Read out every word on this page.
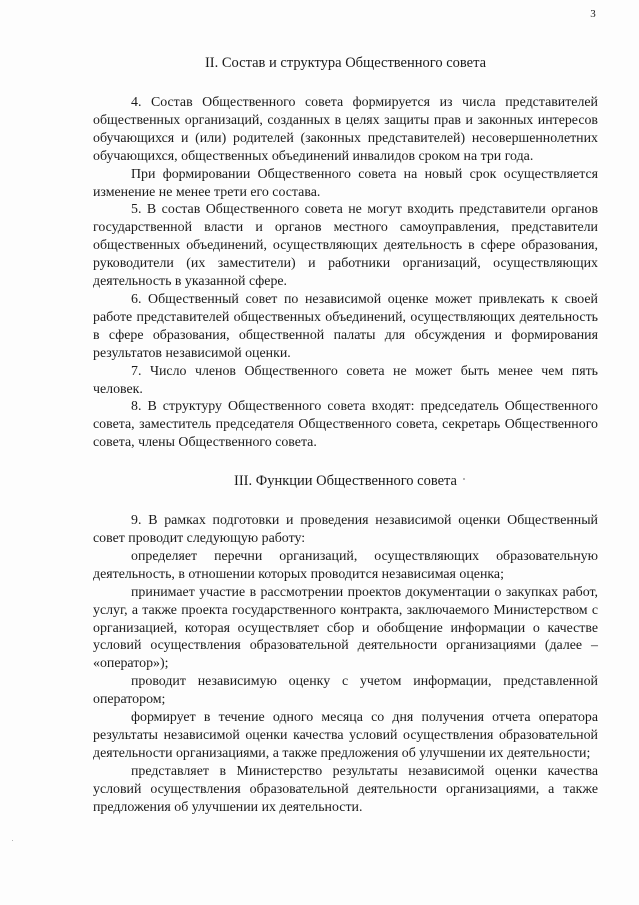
3
II. Состав и структура Общественного совета

4. Состав Общественного совета формируется из числа представителей общественных организаций, созданных в целях защиты прав и законных интересов обучающихся и (или) родителей (законных представителей) несовершеннолетних обучающихся, общественных объединений инвалидов сроком на три года.

При формировании Общественного совета на новый срок осуществляется изменение не менее трети его состава.

5. В состав Общественного совета не могут входить представители органов государственной власти и органов местного самоуправления, представители общественных объединений, осуществляющих деятельность в сфере образования, руководители (их заместители) и работники организаций, осуществляющих деятельность в указанной сфере.

6. Общественный совет по независимой оценке может привлекать к своей работе представителей общественных объединений, осуществляющих деятельность в сфере образования, общественной палаты для обсуждения и формирования результатов независимой оценки.

7. Число членов Общественного совета не может быть менее чем пять человек.

8. В структуру Общественного совета входят: председатель Общественного совета, заместитель председателя Общественного совета, секретарь Общественного совета, члены Общественного совета.

III. Функции Общественного совета

9. В рамках подготовки и проведения независимой оценки Общественный совет проводит следующую работу:

определяет перечни организаций, осуществляющих образовательную деятельность, в отношении которых проводится независимая оценка;

принимает участие в рассмотрении проектов документации о закупках работ, услуг, а также проекта государственного контракта, заключаемого Министерством с организацией, которая осуществляет сбор и обобщение информации о качестве условий осуществления образовательной деятельности организациями (далее – «оператор»);

проводит независимую оценку с учетом информации, представленной оператором;

формирует в течение одного месяца со дня получения отчета оператора результаты независимой оценки качества условий осуществления образовательной деятельности организациями, а также предложения об улучшении их деятельности;

представляет в Министерство результаты независимой оценки качества условий осуществления образовательной деятельности организациями, а также предложения об улучшении их деятельности.
